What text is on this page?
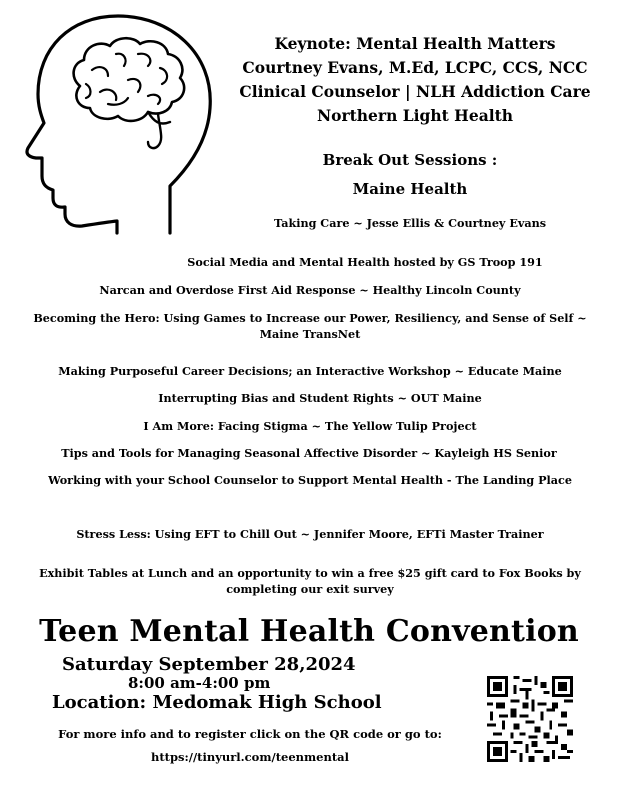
Keynote: Mental Health Matters
Courtney Evans, M.Ed, LCPC, CCS, NCC
Clinical Counselor | NLH Addiction Care
Northern Light Health
Break Out Sessions :
Maine Health
Taking Care ~ Jesse Ellis & Courtney Evans
Social Media and Mental Health hosted by GS Troop 191
Narcan and Overdose First Aid Response ~ Healthy Lincoln County
Becoming the Hero: Using Games to Increase our Power, Resiliency, and Sense of Self ~ Maine TransNet
Making Purposeful Career Decisions; an Interactive Workshop ~ Educate Maine
Interrupting Bias and Student Rights ~ OUT Maine
I Am More: Facing Stigma ~ The Yellow Tulip Project
Tips and Tools for Managing Seasonal Affective Disorder ~ Kayleigh HS Senior
Working with your School Counselor to Support Mental Health - The Landing Place
Stress Less: Using EFT to Chill Out ~ Jennifer Moore, EFTi Master Trainer
Exhibit Tables at Lunch and an opportunity to win a free $25 gift card to Fox Books by completing our exit survey
Teen Mental Health Convention
Saturday September 28,2024
8:00 am-4:00 pm
Location: Medomak High School
For more info and to register click on the QR code or go to:
https://tinyurl.com/teenmental
